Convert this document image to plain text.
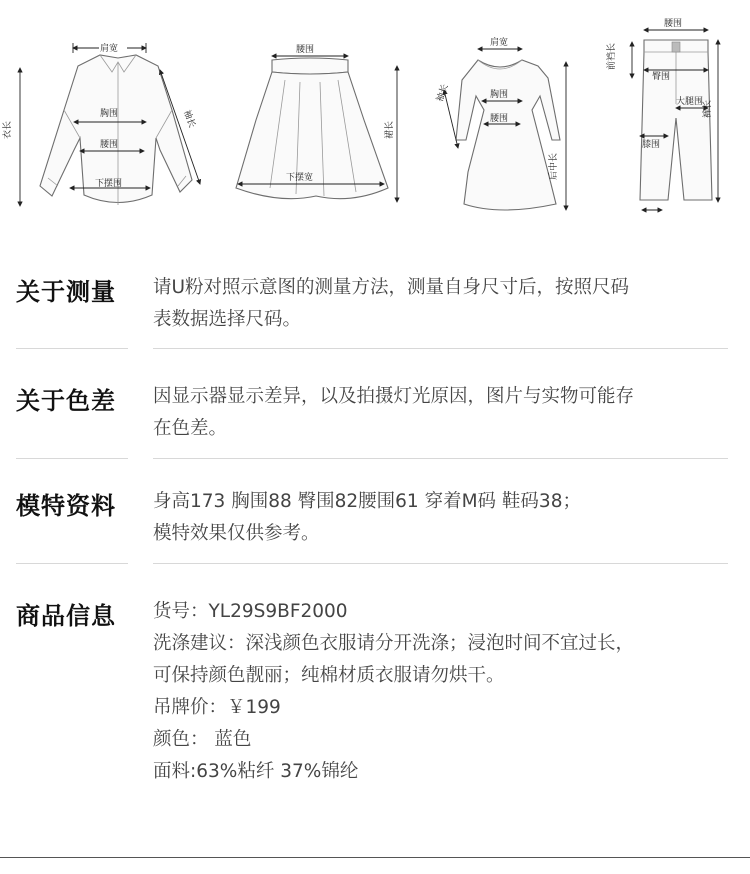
肩宽
胸围
腰围
下摆围
衣长
袖长
腰围
下摆宽
裙长
肩宽
袖长	胸围
腰围
后中长
腰围
前裆长
臀围
大腿围
膝围
裤长
关于测量 请U粉对照示意图的测量方法，测量自身尺寸后，按照尺码
表数据选择尺码。
关于色差 因显示器显示差异，以及拍摄灯光原因，图片与实物可能存
在色差。
模特资料 身高173 胸围88 臀围82腰围61 穿着M码 鞋码38；
模特效果仅供参考。
商品信息 货号：YL29S9BF2000
洗涤建议：深浅颜色衣服请分开洗涤；浸泡时间不宜过长，
可保持颜色靓丽；纯棉材质衣服请勿烘干。
吊牌价：￥199
颜色： 蓝色
面料:63%粘纤 37%锦纶
